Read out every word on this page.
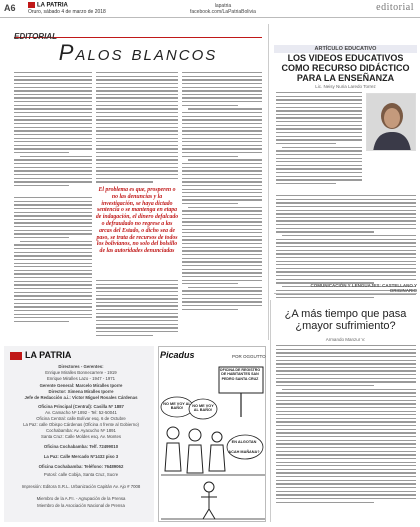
A6	LA PATRIA
Oruro, sábado 4 de marzo de 2018
lapatria
facebook.com/LaPatriaBolivia	editorial
EDITORIAL
Palos blancos
El problema es que, prosperen o no las denuncias y la investigación, se haya dictado sentencia o se mantenga en etapa de indagación, el dinero defalcado o defraudado no regrese a las arcas del Estado, o dicho sea de paso, se trata de recursos de todos los bolivianos, no solo del bolsillo de las autoridades denunciadas
ARTÍCULO EDUCATIVO
LOS VIDEOS EDUCATIVOS COMO RECURSO DIDÁCTICO PARA LA ENSEÑANZA
Lic. Neisy Nuria Laredo Torrez
COMUNICACIÓN Y LENGUAJES: CASTELLANO Y ORIGINARIO
¿A más tiempo que pasa ¿mayor sufrimiento?
Armando Manzur V.
LA PATRIA
Directores - Gerentes:
Enrique Miralles Bonnecarrere - 1919
Enrique Miralles Lazo - 1947 - 1971
Gerente General: Marcelo Miralles Iporre
Director: Ximena Miralles Iporre
Jefe de Redacción a.i.: Víctor Miguel Rosales Cárdenas
Oficina Principal (Central): Casilla Nº 1887
Av. Camacho Nº 1892 - Tel: 52-50041
Oficina Central: calle Bolívar esq. 6 de Octubre
La Paz: calle Obispo Cárdenas (Oficina 4 frente al Gobierno)
Cochabamba: Av. Ayacucho Nº 1891
Santa Cruz: Calle Moldes esq. Av. Montes
Oficina Cochabamba: Telf. 72499010
La Paz: Calle Mercado Nº1432 piso 3
Oficina Cochabamba: Teléfono: 76489062
Potosí: calle Cobija, Santa Cruz, Sucre
Impresión: Editora S.R.L. Urbanización Capitán Av. Ajo # 7008
Miembro de la A.P.I. - Agrupación de la Prensa
Miembro de la Asociación Nacional de Prensa
Picadus	POR OGGUTTO
OFICINA DE REGISTRO DE HABITANTES SAN PEDRO SANTA CRUZ
NO ME VOY AL BAÑO!
NO ME VOY AL BAÑO!
EN ALGOTAN
ACAH MAÑANA?
